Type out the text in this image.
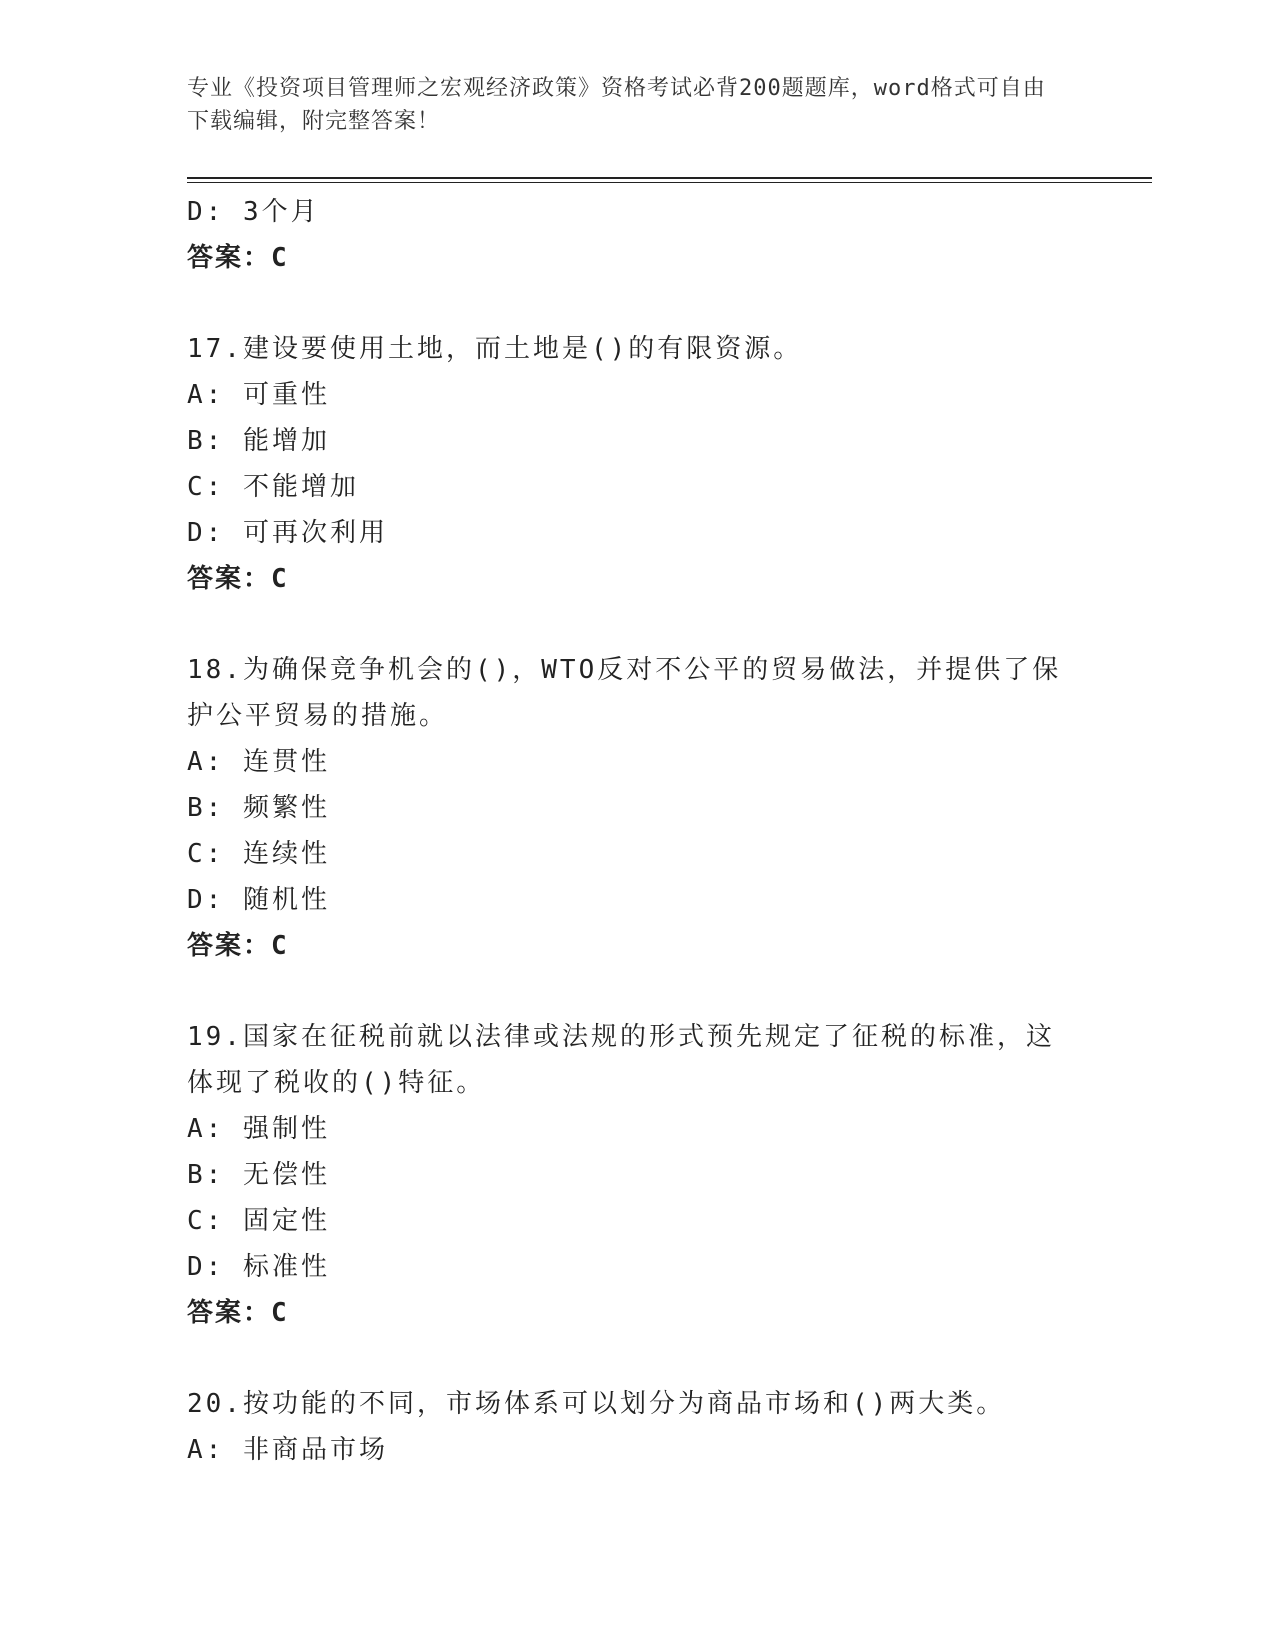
专业《投资项目管理师之宏观经济政策》资格考试必背200题题库，word格式可自由下载编辑，附完整答案！
D: 3个月
答案：C
17.建设要使用土地，而土地是()的有限资源。
A: 可重性
B: 能增加
C: 不能增加
D: 可再次利用
答案：C
18.为确保竞争机会的()，WTO反对不公平的贸易做法，并提供了保护公平贸易的措施。
A: 连贯性
B: 频繁性
C: 连续性
D: 随机性
答案：C
19.国家在征税前就以法律或法规的形式预先规定了征税的标准，这体现了税收的()特征。
A: 强制性
B: 无偿性
C: 固定性
D: 标准性
答案：C
20.按功能的不同，市场体系可以划分为商品市场和()两大类。
A: 非商品市场
